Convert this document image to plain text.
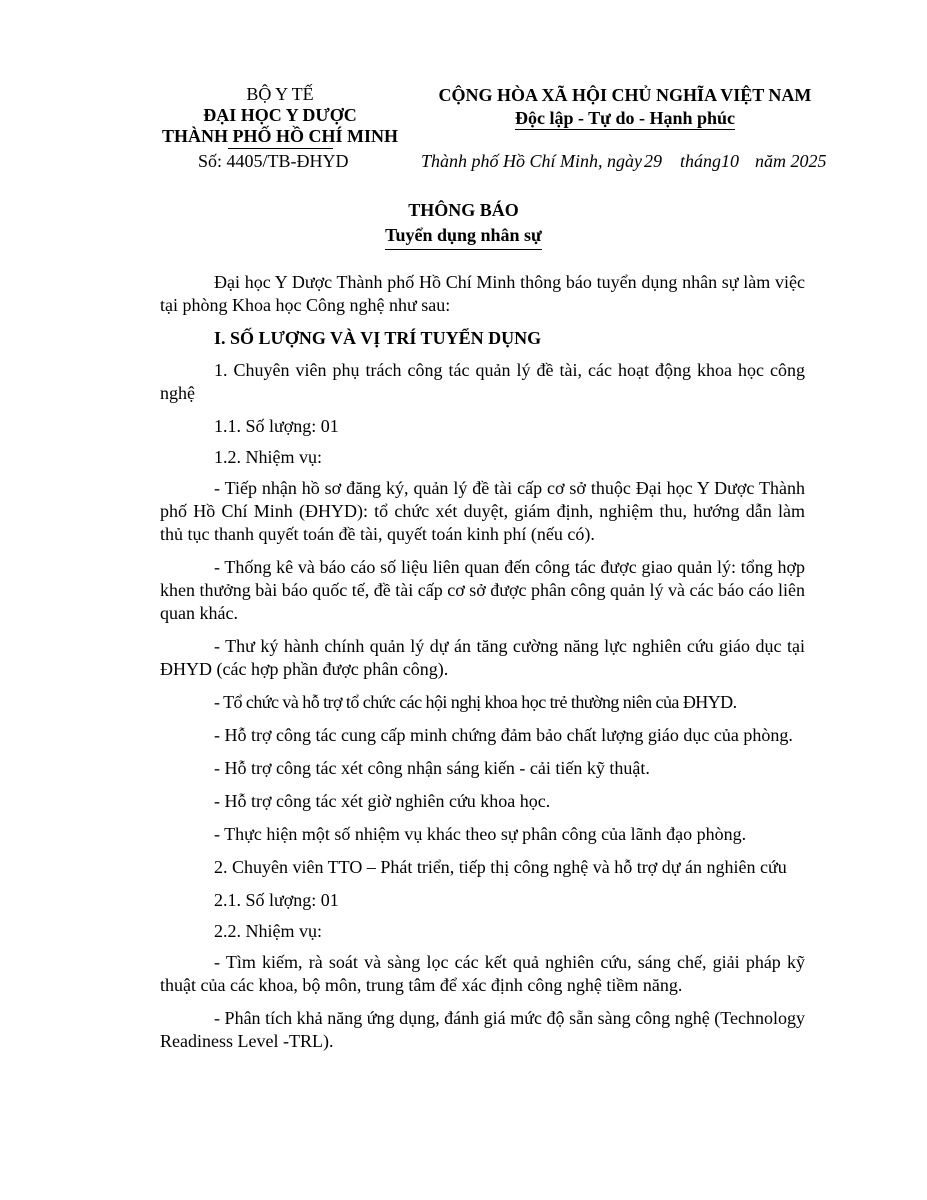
BỘ Y TẾ
ĐẠI HỌC Y DƯỢC
THÀNH PHỐ HỒ CHÍ MINH
CỘNG HÒA XÃ HỘI CHỦ NGHĨA VIỆT NAM
Độc lập - Tự do - Hạnh phúc
Số: 4405/TB-ĐHYD	Thành phố Hồ Chí Minh, ngày 29 tháng10 năm 2025
THÔNG BÁO
Tuyển dụng nhân sự

Đại học Y Dược Thành phố Hồ Chí Minh thông báo tuyển dụng nhân sự làm việc tại phòng Khoa học Công nghệ như sau:

I. SỐ LƯỢNG VÀ VỊ TRÍ TUYỂN DỤNG

1. Chuyên viên phụ trách công tác quản lý đề tài, các hoạt động khoa học công nghệ

1.1. Số lượng: 01

1.2. Nhiệm vụ:

- Tiếp nhận hồ sơ đăng ký, quản lý đề tài cấp cơ sở thuộc Đại học Y Dược Thành phố Hồ Chí Minh (ĐHYD): tổ chức xét duyệt, giám định, nghiệm thu, hướng dẫn làm thủ tục thanh quyết toán đề tài, quyết toán kinh phí (nếu có).

- Thống kê và báo cáo số liệu liên quan đến công tác được giao quản lý: tổng hợp khen thưởng bài báo quốc tế, đề tài cấp cơ sở được phân công quản lý và các báo cáo liên quan khác.

- Thư ký hành chính quản lý dự án tăng cường năng lực nghiên cứu giáo dục tại ĐHYD (các hợp phần được phân công).

- Tổ chức và hỗ trợ tổ chức các hội nghị khoa học trẻ thường niên của ĐHYD.

- Hỗ trợ công tác cung cấp minh chứng đảm bảo chất lượng giáo dục của phòng.

- Hỗ trợ công tác xét công nhận sáng kiến - cải tiến kỹ thuật.

- Hỗ trợ công tác xét giờ nghiên cứu khoa học.

- Thực hiện một số nhiệm vụ khác theo sự phân công của lãnh đạo phòng.

2. Chuyên viên TTO – Phát triển, tiếp thị công nghệ và hỗ trợ dự án nghiên cứu

2.1. Số lượng: 01

2.2. Nhiệm vụ:

- Tìm kiếm, rà soát và sàng lọc các kết quả nghiên cứu, sáng chế, giải pháp kỹ thuật của các khoa, bộ môn, trung tâm để xác định công nghệ tiềm năng.

- Phân tích khả năng ứng dụng, đánh giá mức độ sẵn sàng công nghệ (Technology Readiness Level -TRL).
